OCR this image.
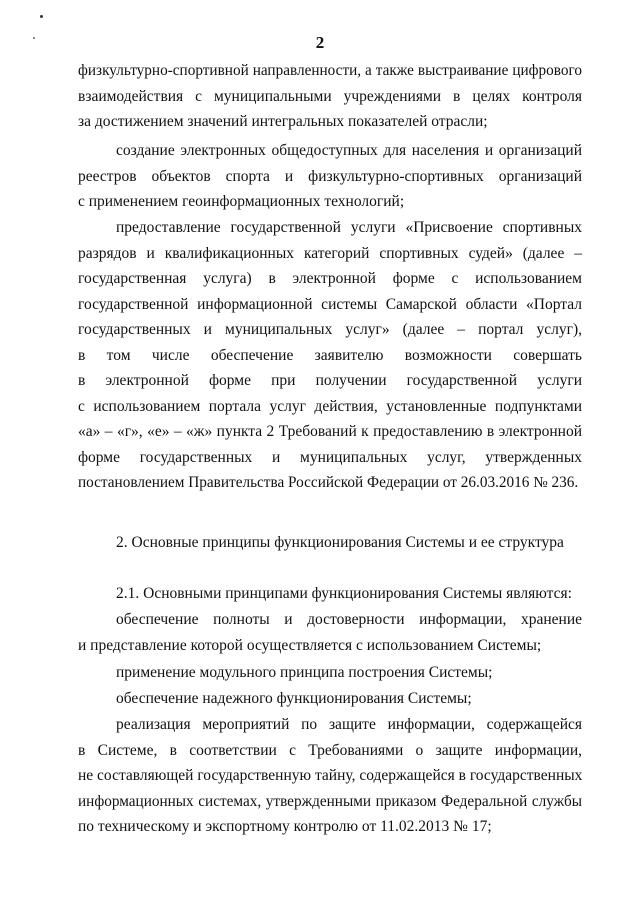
2
физкультурно-спортивной направленности, а также выстраивание цифрового
взаимодействия с муниципальными учреждениями в целях контроля
за достижением значений интегральных показателей отрасли;
создание электронных общедоступных для населения и организаций
реестров объектов спорта и физкультурно-спортивных организаций
с применением геоинформационных технологий;
предоставление государственной услуги «Присвоение спортивных
разрядов и квалификационных категорий спортивных судей» (далее –
государственная услуга) в электронной форме с использованием
государственной информационной системы Самарской области «Портал
государственных и муниципальных услуг» (далее – портал услуг),
в том числе обеспечение заявителю возможности совершать
в электронной форме при получении государственной услуги
с использованием портала услуг действия, установленные подпунктами
«а» – «г», «е» – «ж» пункта 2 Требований к предоставлению в электронной
форме государственных и муниципальных услуг, утвержденных
постановлением Правительства Российской Федерации от 26.03.2016 № 236.
2. Основные принципы функционирования Системы и ее структура
2.1. Основными принципами функционирования Системы являются:
обеспечение полноты и достоверности информации, хранение
и представление которой осуществляется с использованием Системы;
применение модульного принципа построения Системы;
обеспечение надежного функционирования Системы;
реализация мероприятий по защите информации, содержащейся
в Системе, в соответствии с Требованиями о защите информации,
не составляющей государственную тайну, содержащейся в государственных
информационных системах, утвержденными приказом Федеральной службы
по техническому и экспортному контролю от 11.02.2013 № 17;
